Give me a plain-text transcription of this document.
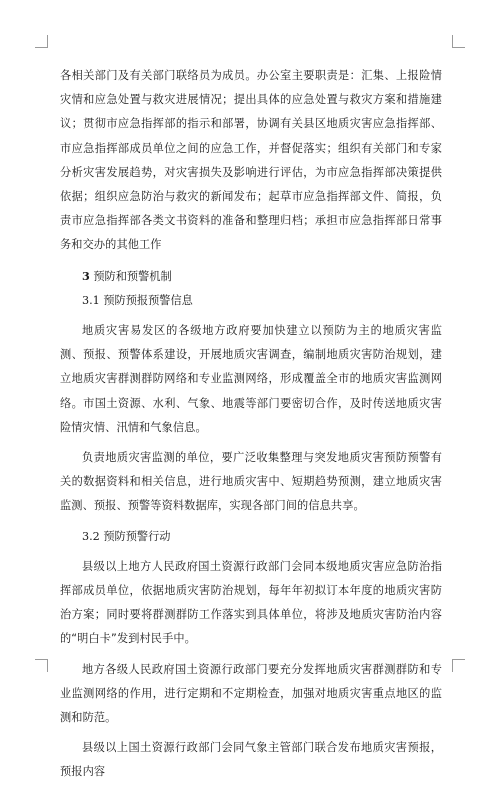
各相关部门及有关部门联络员为成员。办公室主要职责是：汇集、上报险情灾情和应急处置与救灾进展情况；提出具体的应急处置与救灾方案和措施建议；贯彻市应急指挥部的指示和部署，协调有关县区地质灾害应急指挥部、市应急指挥部成员单位之间的应急工作，并督促落实；组织有关部门和专家分析灾害发展趋势，对灾害损失及影响进行评估，为市应急指挥部决策提供依据；组织应急防治与救灾的新闻发布；起草市应急指挥部文件、简报，负责市应急指挥部各类文书资料的准备和整理归档；承担市应急指挥部日常事务和交办的其他工作

3 预防和预警机制

3.1 预防预报预警信息

地质灾害易发区的各级地方政府要加快建立以预防为主的地质灾害监测、预报、预警体系建设，开展地质灾害调查，编制地质灾害防治规划，建立地质灾害群测群防网络和专业监测网络，形成覆盖全市的地质灾害监测网络。市国土资源、水利、气象、地震等部门要密切合作，及时传送地质灾害险情灾情、汛情和气象信息。

负责地质灾害监测的单位，要广泛收集整理与突发地质灾害预防预警有关的数据资料和相关信息，进行地质灾害中、短期趋势预测，建立地质灾害监测、预报、预警等资料数据库，实现各部门间的信息共享。

3.2 预防预警行动

县级以上地方人民政府国土资源行政部门会同本级地质灾害应急防治指挥部成员单位，依据地质灾害防治规划，每年年初拟订本年度的地质灾害防治方案；同时要将群测群防工作落实到具体单位，将涉及地质灾害防治内容的“明白卡”发到村民手中。

地方各级人民政府国土资源行政部门要充分发挥地质灾害群测群防和专业监测网络的作用，进行定期和不定期检查，加强对地质灾害重点地区的监测和防范。

县级以上国土资源行政部门会同气象主管部门联合发布地质灾害预报，预报内容
